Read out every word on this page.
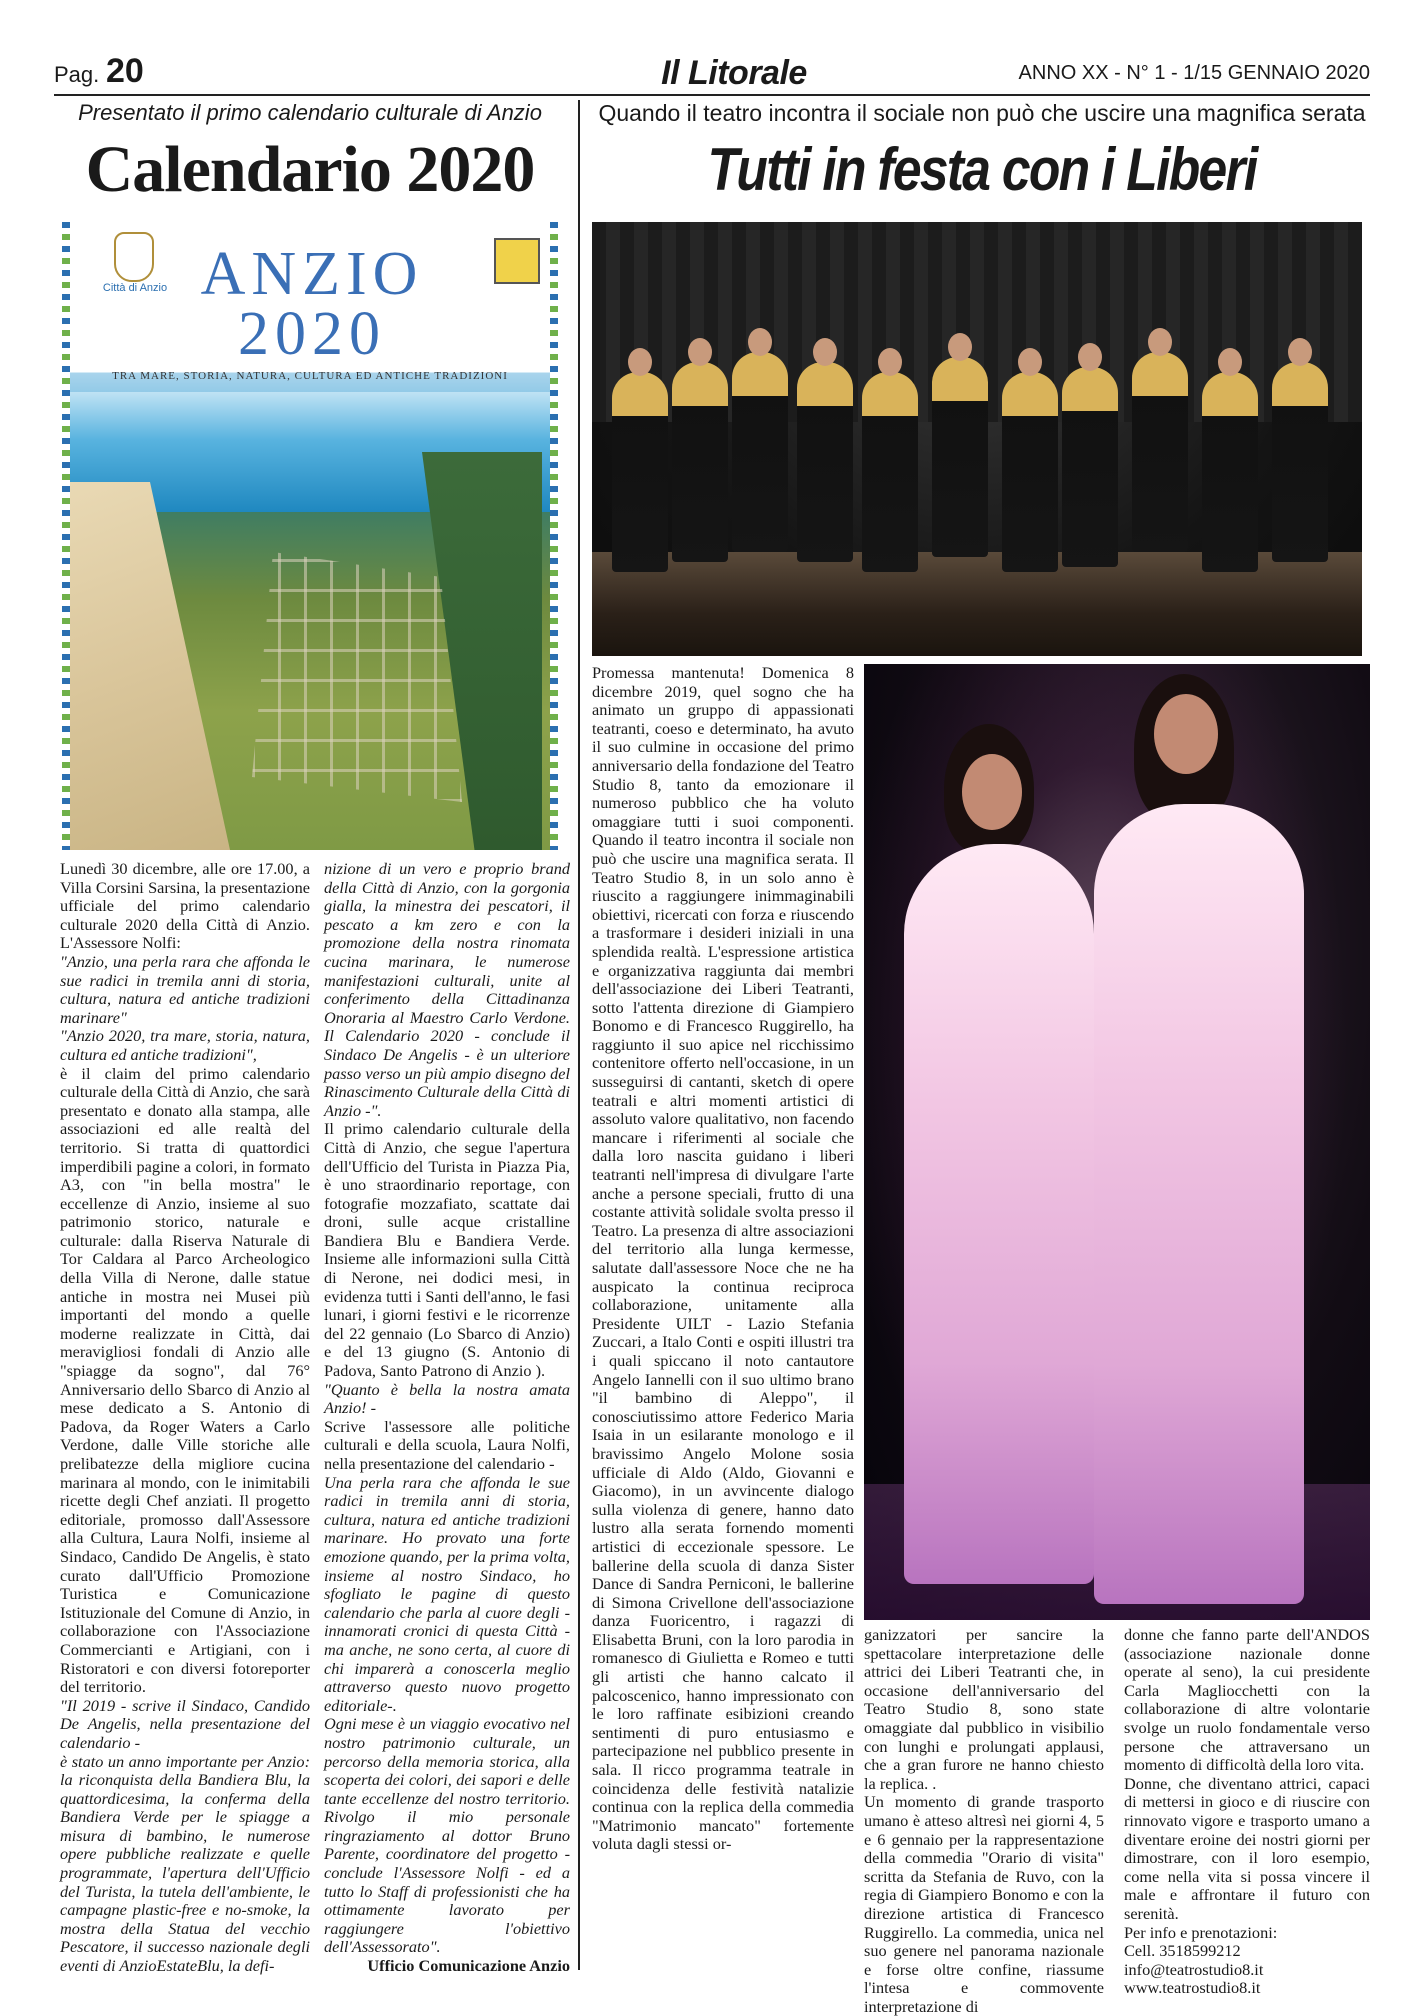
Pag. 20	Il Litorale	ANNO XX - N° 1 - 1/15 GENNAIO 2020
Presentato il primo calendario culturale di Anzio
Calendario 2020
Città di Anzio ANZIO
2020
TRA MARE, STORIA, NATURA, CULTURA ED ANTICHE TRADIZIONI

Lunedì 30 dicembre, alle ore 17.00, a Villa Corsini Sarsina, la presentazione ufficiale del primo calendario culturale 2020 della Città di Anzio. L'Assessore Nolfi:

"Anzio, una perla rara che affonda le sue radici in tremila anni di storia, cultura, natura ed antiche tradizioni marinare"

"Anzio 2020, tra mare, storia, natura, cultura ed antiche tradizioni",

è il claim del primo calendario culturale della Città di Anzio, che sarà presentato e donato alla stampa, alle associazioni ed alle realtà del territorio. Si tratta di quattordici imperdibili pagine a colori, in formato A3, con "in bella mostra" le eccellenze di Anzio, insieme al suo patrimonio storico, naturale e culturale: dalla Riserva Naturale di Tor Caldara al Parco Archeologico della Villa di Nerone, dalle statue antiche in mostra nei Musei più importanti del mondo a quelle moderne realizzate in Città, dai meravigliosi fondali di Anzio alle "spiagge da sogno", dal 76° Anniversario dello Sbarco di Anzio al mese dedicato a S. Antonio di Padova, da Roger Waters a Carlo Verdone, dalle Ville storiche alle prelibatezze della migliore cucina marinara al mondo, con le inimitabili ricette degli Chef anziati. Il progetto editoriale, promosso dall'Assessore alla Cultura, Laura Nolfi, insieme al Sindaco, Candido De Angelis, è stato curato dall'Ufficio Promozione Turistica e Comunicazione Istituzionale del Comune di Anzio, in collaborazione con l'Associazione Commercianti e Artigiani, con i Ristoratori e con diversi fotoreporter del territorio.

"Il 2019 - scrive il Sindaco, Candido De Angelis, nella presentazione del calendario -

è stato un anno importante per Anzio: la riconquista della Bandiera Blu, la quattordicesima, la conferma della Bandiera Verde per le spiagge a misura di bambino, le numerose opere pubbliche realizzate e quelle programmate, l'apertura dell'Ufficio del Turista, la tutela dell'ambiente, le campagne plastic-free e no-smoke, la mostra della Statua del vecchio Pescatore, il successo nazionale degli eventi di AnzioEstateBlu, la defi-

nizione di un vero e proprio brand della Città di Anzio, con la gorgonia gialla, la minestra dei pescatori, il pescato a km zero e con la promozione della nostra rinomata cucina marinara, le numerose manifestazioni culturali, unite al conferimento della Cittadinanza Onoraria al Maestro Carlo Verdone. Il Calendario 2020 - conclude il Sindaco De Angelis - è un ulteriore passo verso un più ampio disegno del Rinascimento Culturale della Città di Anzio -".

Il primo calendario culturale della Città di Anzio, che segue l'apertura dell'Ufficio del Turista in Piazza Pia, è uno straordinario reportage, con fotografie mozzafiato, scattate dai droni, sulle acque cristalline Bandiera Blu e Bandiera Verde. Insieme alle informazioni sulla Città di Nerone, nei dodici mesi, in evidenza tutti i Santi dell'anno, le fasi lunari, i giorni festivi e le ricorrenze del 22 gennaio (Lo Sbarco di Anzio) e del 13 giugno (S. Antonio di Padova, Santo Patrono di Anzio ).

"Quanto è bella la nostra amata Anzio! -

Scrive l'assessore alle politiche culturali e della scuola, Laura Nolfi, nella presentazione del calendario -

Una perla rara che affonda le sue radici in tremila anni di storia, cultura, natura ed antiche tradizioni marinare. Ho provato una forte emozione quando, per la prima volta, insieme al nostro Sindaco, ho sfogliato le pagine di questo calendario che parla al cuore degli - innamorati cronici di questa Città - ma anche, ne sono certa, al cuore di chi imparerà a conoscerla meglio attraverso questo nuovo progetto editoriale-.

Ogni mese è un viaggio evocativo nel nostro patrimonio culturale, un percorso della memoria storica, alla scoperta dei colori, dei sapori e delle tante eccellenze del nostro territorio. Rivolgo il mio personale ringraziamento al dottor Bruno Parente, coordinatore del progetto - conclude l'Assessore Nolfi - ed a tutto lo Staff di professionisti che ha ottimamente lavorato per raggiungere l'obiettivo dell'Assessorato".

Ufficio Comunicazione Anzio

Quando il teatro incontra il sociale non può che uscire una magnifica serata
Tutti in festa con i Liberi

Promessa mantenuta! Domenica 8 dicembre 2019, quel sogno che ha animato un gruppo di appassionati teatranti, coeso e determinato, ha avuto il suo culmine in occasione del primo anniversario della fondazione del Teatro Studio 8, tanto da emozionare il numeroso pubblico che ha voluto omaggiare tutti i suoi componenti. Quando il teatro incontra il sociale non può che uscire una magnifica serata. Il Teatro Studio 8, in un solo anno è riuscito a raggiungere inimmaginabili obiettivi, ricercati con forza e riuscendo a trasformare i desideri iniziali in una splendida realtà. L'espressione artistica e organizzativa raggiunta dai membri dell'associazione dei Liberi Teatranti, sotto l'attenta direzione di Giampiero Bonomo e di Francesco Ruggirello, ha raggiunto il suo apice nel ricchissimo contenitore offerto nell'occasione, in un susseguirsi di cantanti, sketch di opere teatrali e altri momenti artistici di assoluto valore qualitativo, non facendo mancare i riferimenti al sociale che dalla loro nascita guidano i liberi teatranti nell'impresa di divulgare l'arte anche a persone speciali, frutto di una costante attività solidale svolta presso il Teatro. La presenza di altre associazioni del territorio alla lunga kermesse, salutate dall'assessore Noce che ne ha auspicato la continua reciproca collaborazione, unitamente alla Presidente UILT - Lazio Stefania Zuccari, a Italo Conti e ospiti illustri tra i quali spiccano il noto cantautore Angelo Iannelli con il suo ultimo brano "il bambino di Aleppo", il conosciutissimo attore Federico Maria Isaia in un esilarante monologo e il bravissimo Angelo Molone sosia ufficiale di Aldo (Aldo, Giovanni e Giacomo), in un avvincente dialogo sulla violenza di genere, hanno dato lustro alla serata fornendo momenti artistici di eccezionale spessore. Le ballerine della scuola di danza Sister Dance di Sandra Perniconi, le ballerine di Simona Crivellone dell'associazione danza Fuoricentro, i ragazzi di Elisabetta Bruni, con la loro parodia in romanesco di Giulietta e Romeo e tutti gli artisti che hanno calcato il palcoscenico, hanno impressionato con le loro raffinate esibizioni creando sentimenti di puro entusiasmo e partecipazione nel pubblico presente in sala. Il ricco programma teatrale in coincidenza delle festività natalizie continua con la replica della commedia "Matrimonio mancato" fortemente voluta dagli stessi or-

ganizzatori per sancire la spettacolare interpretazione delle attrici dei Liberi Teatranti che, in occasione dell'anniversario del Teatro Studio 8, sono state omaggiate dal pubblico in visibilio con lunghi e prolungati applausi, che a gran furore ne hanno chiesto la replica. .

Un momento di grande trasporto umano è atteso altresì nei giorni 4, 5 e 6 gennaio per la rappresentazione della commedia "Orario di visita" scritta da Stefania de Ruvo, con la regia di Giampiero Bonomo e con la direzione artistica di Francesco Ruggirello. La commedia, unica nel suo genere nel panorama nazionale e forse oltre confine, riassume l'intesa e commovente interpretazione di

donne che fanno parte dell'ANDOS (associazione nazionale donne operate al seno), la cui presidente Carla Magliocchetti con la collaborazione di altre volontarie svolge un ruolo fondamentale verso persone che attraversano un momento di difficoltà della loro vita.

Donne, che diventano attrici, capaci di mettersi in gioco e di riuscire con rinnovato vigore e trasporto umano a diventare eroine dei nostri giorni per dimostrare, con il loro esempio, come nella vita si possa vincere il male e affrontare il futuro con serenità.

Per info e prenotazioni:

Cell. 3518599212

info@teatrostudio8.it

www.teatrostudio8.it
